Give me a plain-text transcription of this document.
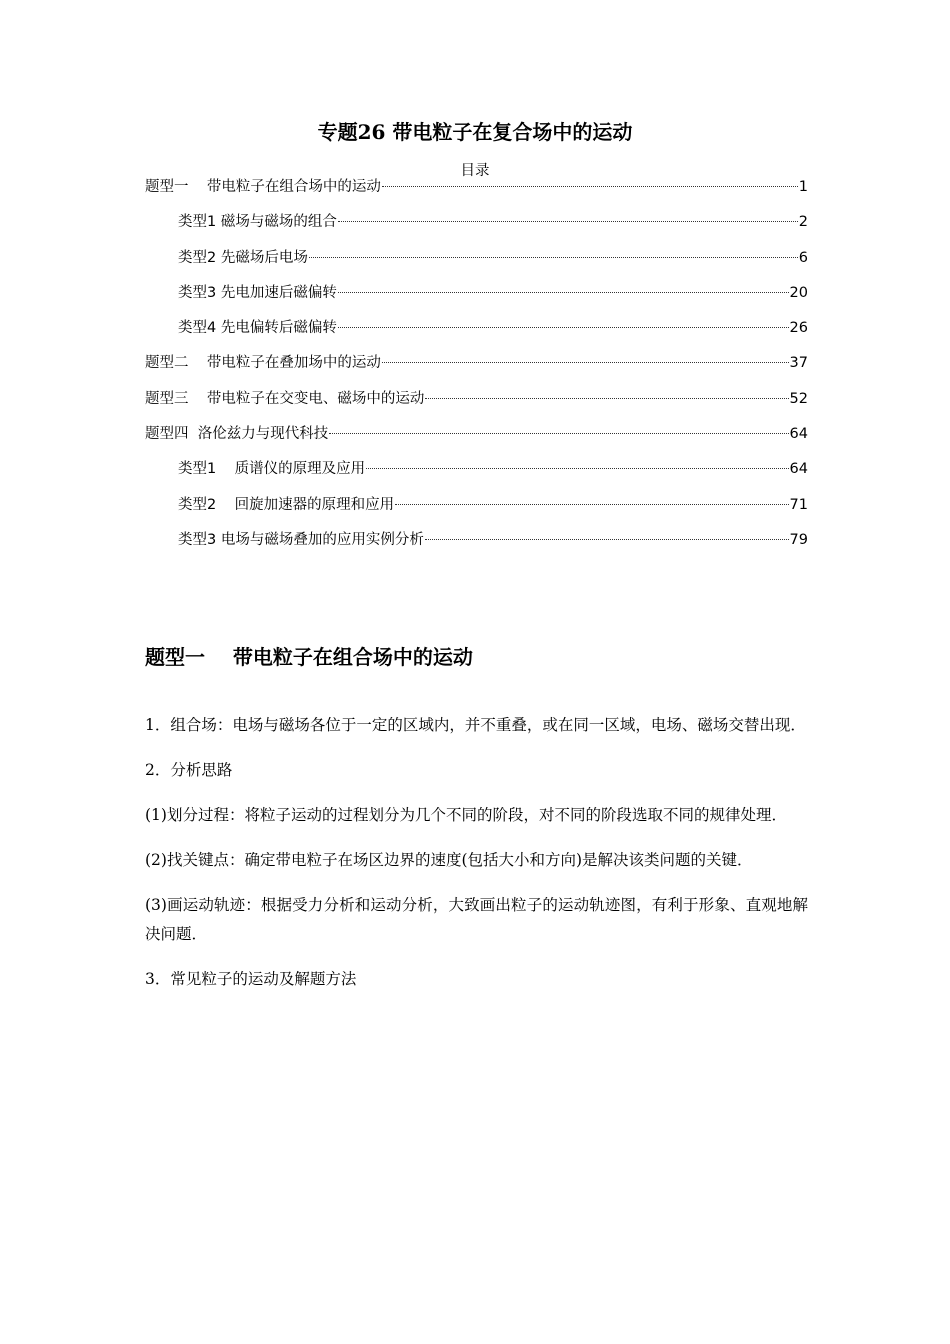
专题26 带电粒子在复合场中的运动
目录
题型一    带电粒子在组合场中的运动	1
类型1 磁场与磁场的组合	2
类型2 先磁场后电场	6
类型3 先电加速后磁偏转	20
类型4 先电偏转后磁偏转	26
题型二    带电粒子在叠加场中的运动	37
题型三    带电粒子在交变电、磁场中的运动	52
题型四  洛伦兹力与现代科技	64
类型1    质谱仪的原理及应用	64
类型2    回旋加速器的原理和应用	71
类型3 电场与磁场叠加的应用实例分析	79
题型一    带电粒子在组合场中的运动

1．组合场：电场与磁场各位于一定的区域内，并不重叠，或在同一区域，电场、磁场交替出现．

2．分析思路

(1)划分过程：将粒子运动的过程划分为几个不同的阶段，对不同的阶段选取不同的规律处理．

(2)找关键点：确定带电粒子在场区边界的速度(包括大小和方向)是解决该类问题的关键．

(3)画运动轨迹：根据受力分析和运动分析，大致画出粒子的运动轨迹图，有利于形象、直观地解决问题．

3．常见粒子的运动及解题方法
